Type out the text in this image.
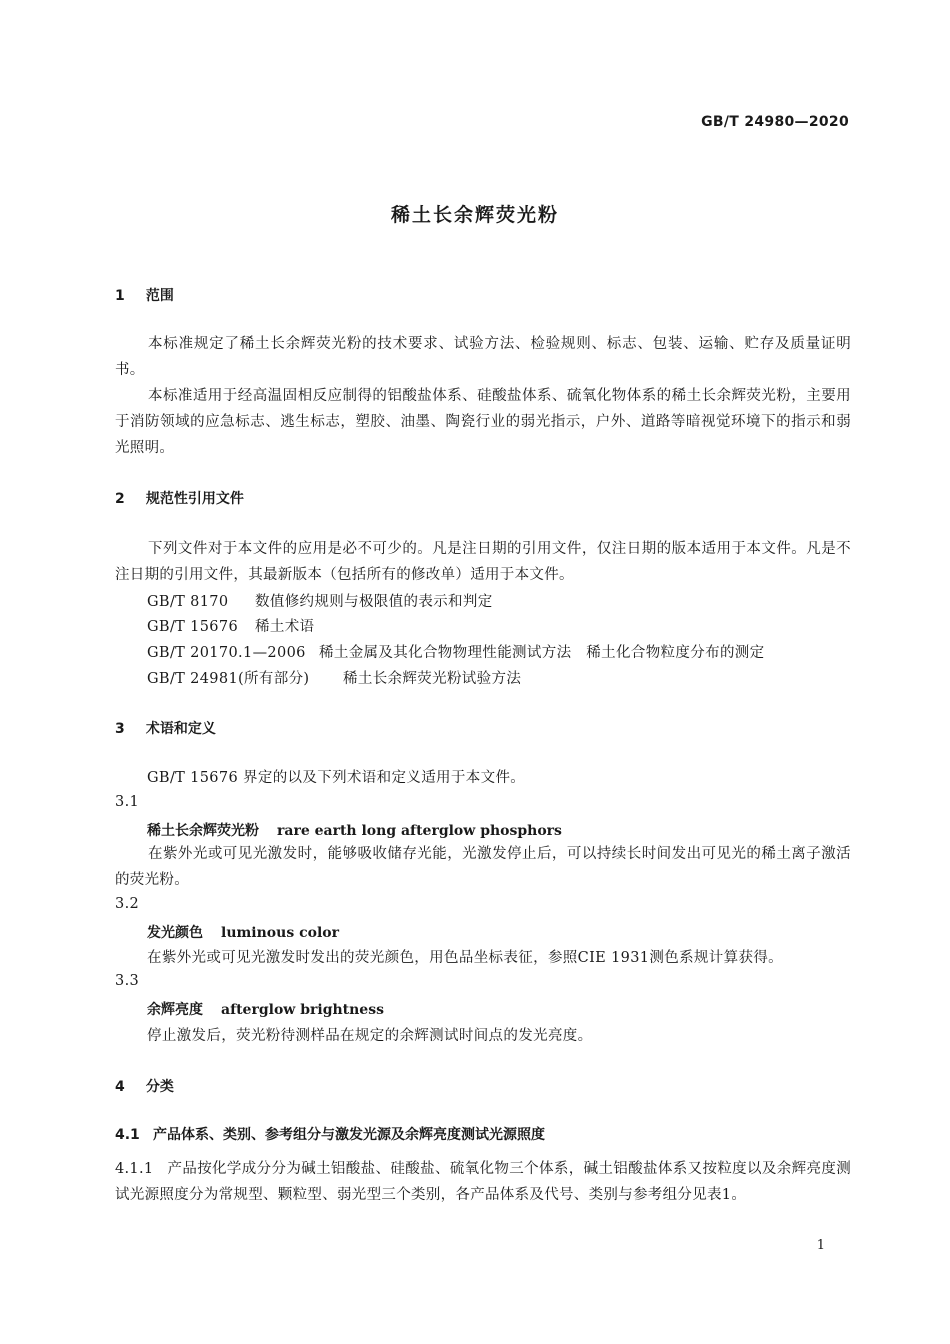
GB/T 24980—2020
稀土长余辉荧光粉
1 范围
本标准规定了稀土长余辉荧光粉的技术要求、试验方法、检验规则、标志、包装、运输、贮存及质量证明书。
本标准适用于经高温固相反应制得的铝酸盐体系、硅酸盐体系、硫氧化物体系的稀土长余辉荧光粉，主要用于消防领域的应急标志、逃生标志，塑胶、油墨、陶瓷行业的弱光指示，户外、道路等暗视觉环境下的指示和弱光照明。
2 规范性引用文件
下列文件对于本文件的应用是必不可少的。凡是注日期的引用文件，仅注日期的版本适用于本文件。凡是不注日期的引用文件，其最新版本（包括所有的修改单）适用于本文件。
GB/T 8170 数值修约规则与极限值的表示和判定
GB/T 15676 稀土术语
GB/T 20170.1—2006 稀土金属及其化合物物理性能测试方法　稀土化合物粒度分布的测定
GB/T 24981(所有部分) 稀土长余辉荧光粉试验方法
3 术语和定义
GB/T 15676 界定的以及下列术语和定义适用于本文件。
3.1
稀土长余辉荧光粉 rare earth long afterglow phosphors
在紫外光或可见光激发时，能够吸收储存光能，光激发停止后，可以持续长时间发出可见光的稀土离子激活的荧光粉。
3.2
发光颜色 luminous color
在紫外光或可见光激发时发出的荧光颜色，用色品坐标表征，参照CIE 1931测色系规计算获得。
3.3
余辉亮度 afterglow brightness
停止激发后，荧光粉待测样品在规定的余辉测试时间点的发光亮度。
4 分类
4.1 产品体系、类别、参考组分与激发光源及余辉亮度测试光源照度
4.1.1 产品按化学成分分为碱土铝酸盐、硅酸盐、硫氧化物三个体系，碱土铝酸盐体系又按粒度以及余辉亮度测试光源照度分为常规型、颗粒型、弱光型三个类别，各产品体系及代号、类别与参考组分见表1。
1
